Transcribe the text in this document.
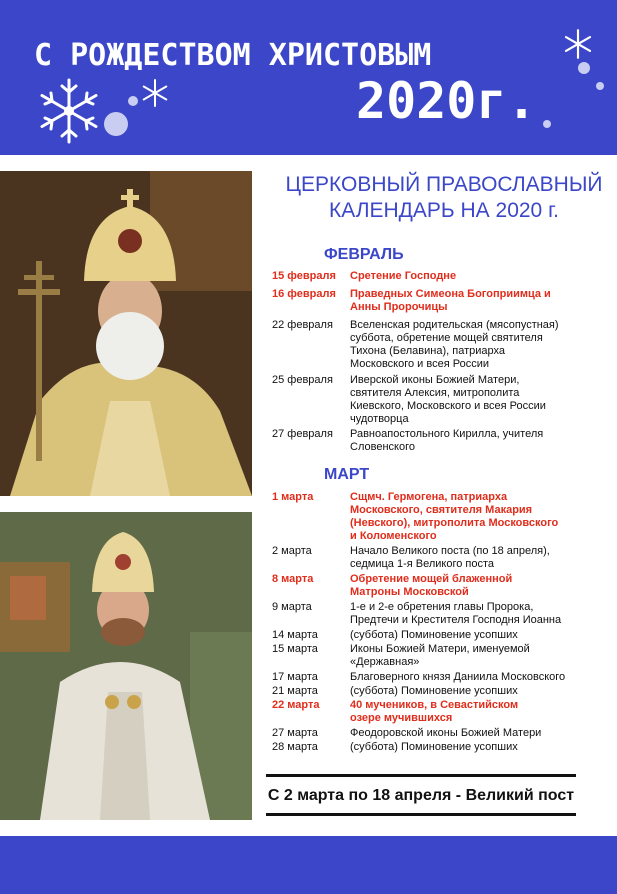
С РОЖДЕСТВОМ ХРИСТОВЫМ
2020г.
ЦЕРКОВНЫЙ ПРАВОСЛАВНЫЙ
КАЛЕНДАРЬ НА 2020 г.
ФЕВРАЛЬ
15 февраля	Сретение Господне
16 февраля	Праведных Симеона Богоприимца и Анны Пророчицы
22 февраля	Вселенская родительская (мясопустная) суббота, обретение мощей святителя Тихона (Белавина), патриарха Московского и всея России
25 февраля	Иверской иконы Божией Матери, святителя Алексия, митрополита Киевского, Московского и всея России чудотворца
27 февраля	Равноапостольного Кирилла, учителя Словенского
МАРТ
1 марта	Сщмч. Гермогена, патриарха Московского, святителя Макария (Невского), митрополита Московского и Коломенского
2 марта	Начало Великого поста (по 18 апреля), седмица 1-я Великого поста
8 марта	Обретение мощей блаженной Матроны Московской
9 марта	1-е и 2-е обретения главы Пророка, Предтечи и Крестителя Господня Иоанна
14 марта	(суббота) Поминовение усопших
15 марта	Иконы Божией Матери, именуемой «Державная»
17 марта	Благоверного князя Даниила Московского
21 марта	(суббота) Поминовение усопших
22 марта	40 мучеников, в Севастийском озере мучившихся
27 марта	Феодоровской иконы Божией Матери
28 марта	(суббота) Поминовение усопших
С 2 марта по 18 апреля - Великий пост
